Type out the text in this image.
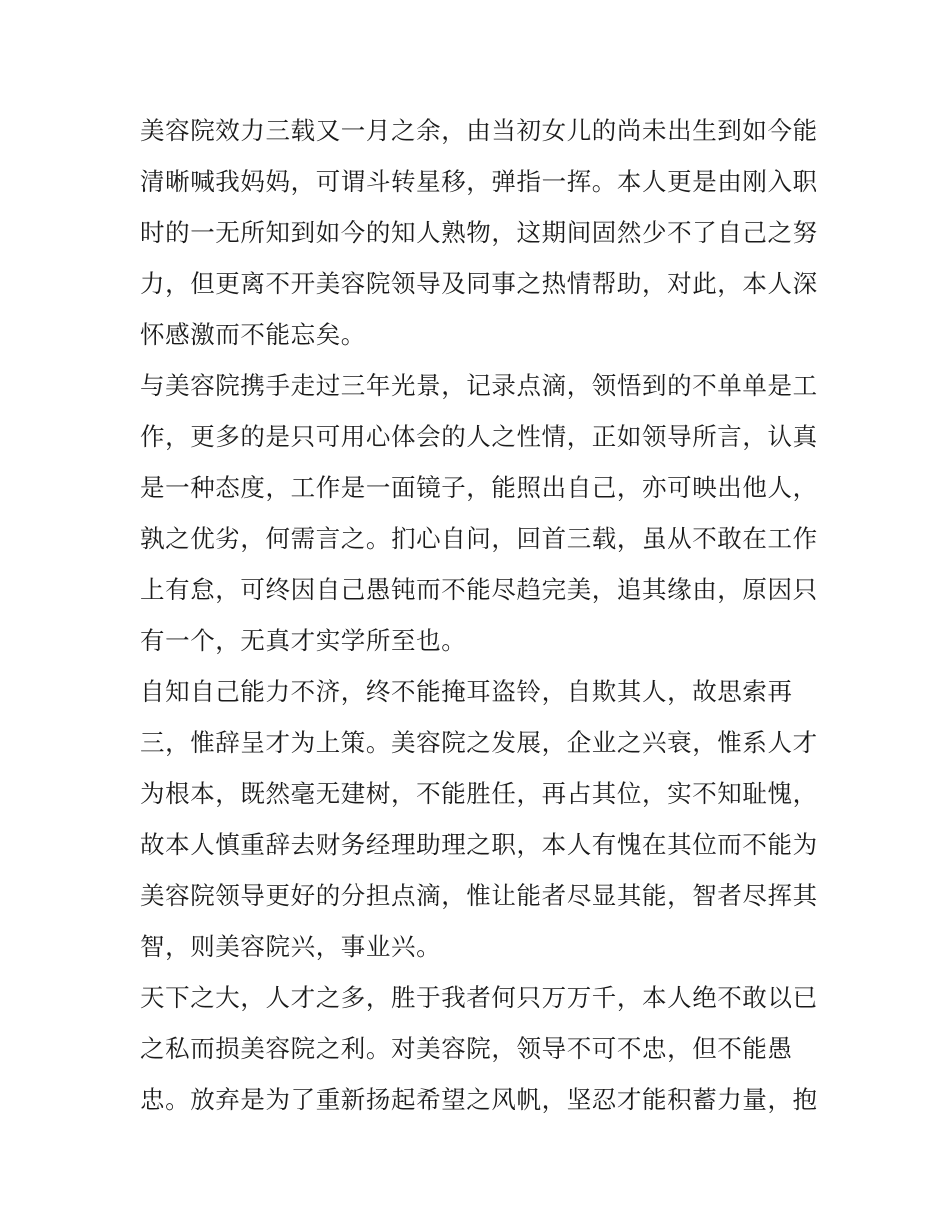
美容院效力三载又一月之余，由当初女儿的尚未出生到如今能
清晰喊我妈妈，可谓斗转星移，弹指一挥。本人更是由刚入职
时的一无所知到如今的知人熟物，这期间固然少不了自己之努
力，但更离不开美容院领导及同事之热情帮助，对此，本人深
怀感激而不能忘矣。
与美容院携手走过三年光景，记录点滴，领悟到的不单单是工
作，更多的是只可用心体会的人之性情，正如领导所言，认真
是一种态度，工作是一面镜子，能照出自己，亦可映出他人，
孰之优劣，何需言之。扪心自问，回首三载，虽从不敢在工作
上有怠，可终因自己愚钝而不能尽趋完美，追其缘由，原因只
有一个，无真才实学所至也。
自知自己能力不济，终不能掩耳盗铃，自欺其人，故思索再
三，惟辞呈才为上策。美容院之发展，企业之兴衰，惟系人才
为根本，既然毫无建树，不能胜任，再占其位，实不知耻愧，
故本人慎重辞去财务经理助理之职，本人有愧在其位而不能为
美容院领导更好的分担点滴，惟让能者尽显其能，智者尽挥其
智，则美容院兴，事业兴。
天下之大，人才之多，胜于我者何只万万千，本人绝不敢以已
之私而损美容院之利。对美容院，领导不可不忠，但不能愚
忠。放弃是为了重新扬起希望之风帆，坚忍才能积蓄力量，抱
